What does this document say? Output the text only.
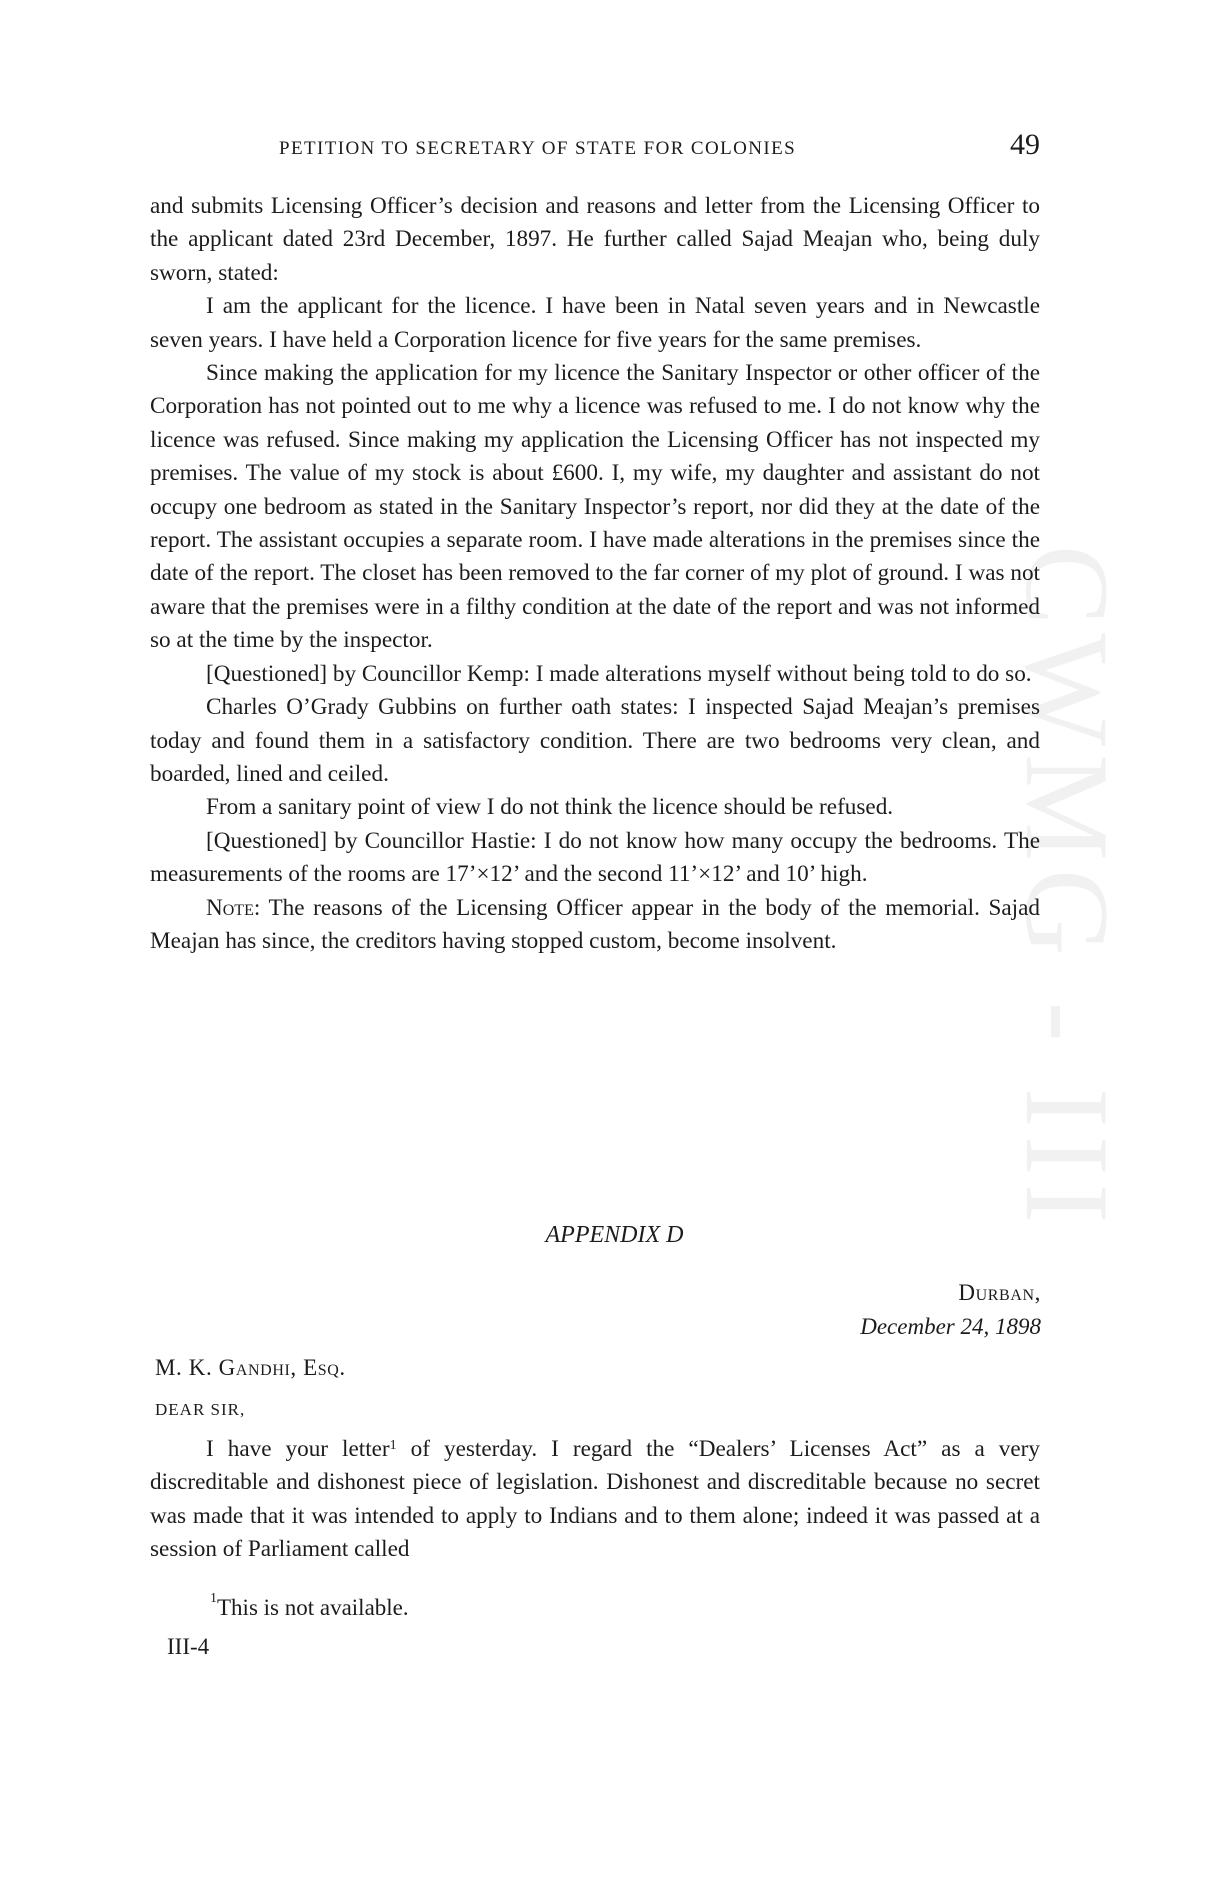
CWMG - III
PETITION TO SECRETARY OF STATE FOR COLONIES	49

and submits Licensing Officer’s decision and reasons and letter from the Licensing Officer to the applicant dated 23rd December, 1897. He further called Sajad Meajan who, being duly sworn, stated:

I am the applicant for the licence. I have been in Natal seven years and in Newcastle seven years. I have held a Corporation licence for five years for the same premises.

Since making the application for my licence the Sanitary Inspector or other officer of the Corporation has not pointed out to me why a licence was refused to me. I do not know why the licence was refused. Since making my application the Licensing Officer has not inspected my premises. The value of my stock is about £600. I, my wife, my daughter and assistant do not occupy one bedroom as stated in the Sanitary Inspector’s report, nor did they at the date of the report. The assistant occupies a separate room. I have made alterations in the premises since the date of the report. The closet has been removed to the far corner of my plot of ground. I was not aware that the premises were in a filthy condition at the date of the report and was not informed so at the time by the inspector.

[Questioned] by Councillor Kemp: I made alterations myself without being told to do so.

Charles O’Grady Gubbins on further oath states: I inspected Sajad Meajan’s premises today and found them in a satisfactory condition. There are two bedrooms very clean, and boarded, lined and ceiled.

From a sanitary point of view I do not think the licence should be refused.

[Questioned] by Councillor Hastie: I do not know how many occupy the bedrooms. The measurements of the rooms are 17’×12’ and the second 11’×12’ and 10’ high.

Note: The reasons of the Licensing Officer appear in the body of the memorial. Sajad Meajan has since, the creditors having stopped custom, become insolvent.

APPENDIX D
Durban,
December 24, 1898
M. K. Gandhi, Esq.
DEAR SIR,

I have your letter$^1$ of yesterday. I regard the “Dealers’ Licenses Act” as a very discreditable and dishonest piece of legislation. Dishonest and discreditable because no secret was made that it was intended to apply to Indians and to them alone; indeed it was passed at a session of Parliament called

$^1$This is not available.
III-4
